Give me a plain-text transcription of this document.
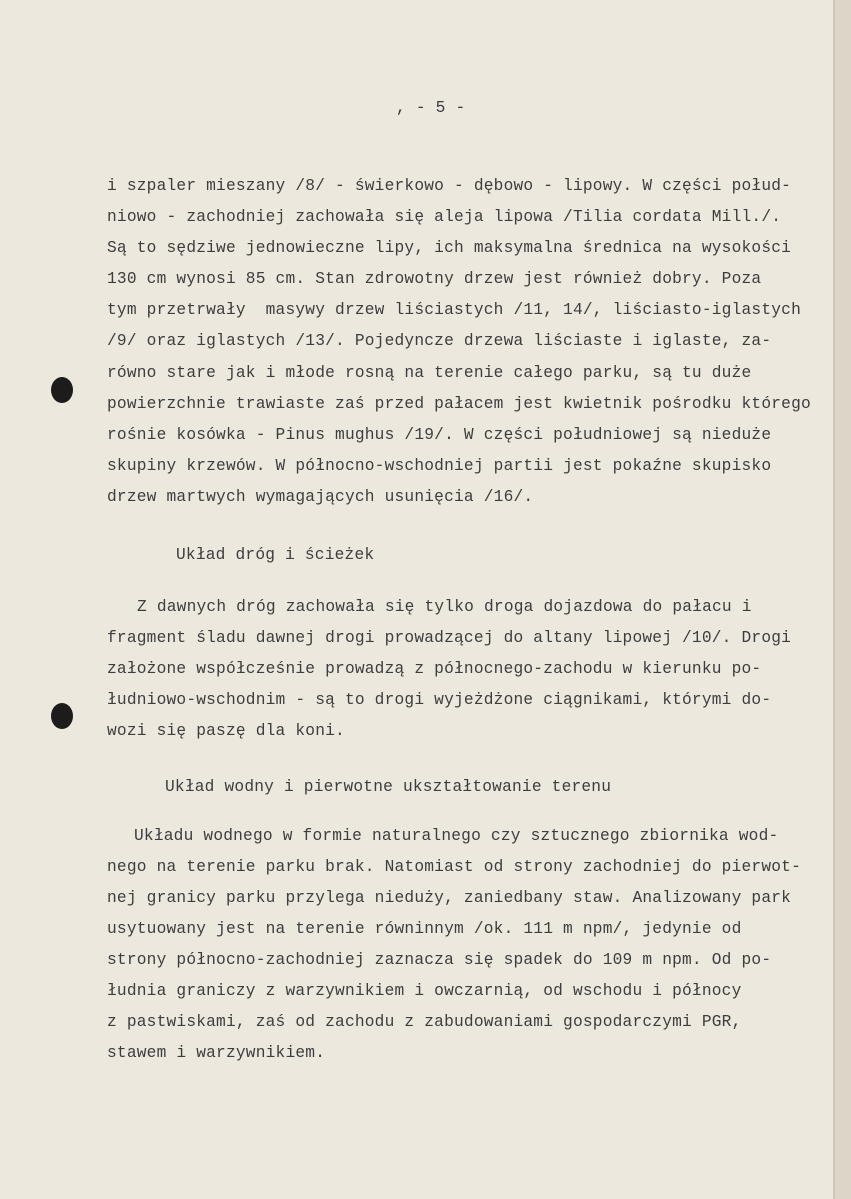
, - 5 -
i szpaler mieszany /8/ - świerkowo - dębowo - lipowy. W części połud-
niowo - zachodniej zachowała się aleja lipowa /Tilia cordata Mill./.
Są to sędziwe jednowieczne lipy, ich maksymalna średnica na wysokości
130 cm wynosi 85 cm. Stan zdrowotny drzew jest również dobry. Poza
tym przetrwały  masywy drzew liściastych /11, 14/, liściasto-iglastych
/9/ oraz iglastych /13/. Pojedyncze drzewa liściaste i iglaste, za-
równo stare jak i młode rosną na terenie całego parku, są tu duże
powierzchnie trawiaste zaś przed pałacem jest kwietnik pośrodku którego
rośnie kosówka - Pinus mughus /19/. W części południowej są nieduże
skupiny krzewów. W północno-wschodniej partii jest pokaźne skupisko
drzew martwych wymagających usunięcia /16/.
Układ dróg i ścieżek
Z dawnych dróg zachowała się tylko droga dojazdowa do pałacu i
fragment śladu dawnej drogi prowadzącej do altany lipowej /10/. Drogi
założone współcześnie prowadzą z północnego-zachodu w kierunku po-
łudniowo-wschodnim - są to drogi wyjeżdżone ciągnikami, którymi do-
wozi się paszę dla koni.
Układ wodny i pierwotne ukształtowanie terenu
Układu wodnego w formie naturalnego czy sztucznego zbiornika wod-
nego na terenie parku brak. Natomiast od strony zachodniej do pierwot-
nej granicy parku przylega nieduży, zaniedbany staw. Analizowany park
usytuowany jest na terenie równinnym /ok. 111 m npm/, jedynie od
strony północno-zachodniej zaznacza się spadek do 109 m npm. Od po-
łudnia graniczy z warzywnikiem i owczarnią, od wschodu i północy
z pastwiskami, zaś od zachodu z zabudowaniami gospodarczymi PGR,
stawem i warzywnikiem.
